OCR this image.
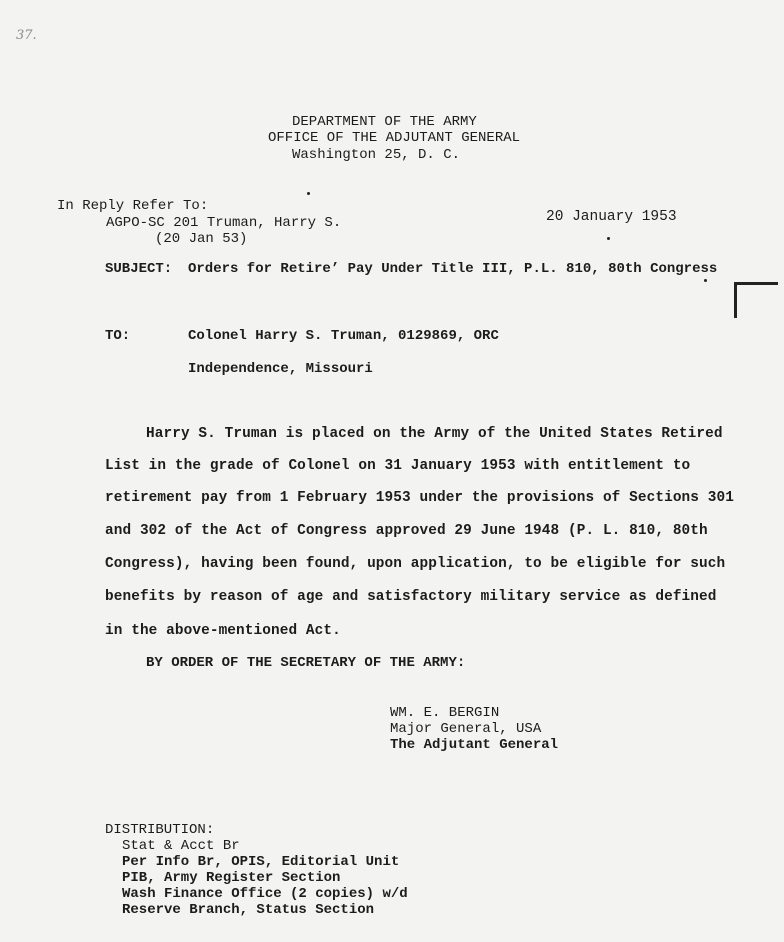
37.
DEPARTMENT OF THE ARMY
OFFICE OF THE ADJUTANT GENERAL
Washington 25, D. C.
In Reply Refer To:
AGPO-SC 201 Truman, Harry S.
(20 Jan 53)
20 January 1953
SUBJECT: Orders for Retire’ Pay Under Title III, P.L. 810, 80th Congress
TO:	Colonel Harry S. Truman, 0129869, ORC
Independence, Missouri
Harry S. Truman is placed on the Army of the United States Retired
List in the grade of Colonel on 31 January 1953 with entitlement to
retirement pay from 1 February 1953 under the provisions of Sections 301
and 302 of the Act of Congress approved 29 June 1948 (P. L. 810, 80th
Congress), having been found, upon application, to be eligible for such
benefits by reason of age and satisfactory military service as defined
in the above-mentioned Act.
BY ORDER OF THE SECRETARY OF THE ARMY:
WM. E. BERGIN
Major General, USA
The Adjutant General
DISTRIBUTION:
Stat & Acct Br
Per Info Br, OPIS, Editorial Unit
PIB, Army Register Section
Wash Finance Office (2 copies) w/d
Reserve Branch, Status Section
